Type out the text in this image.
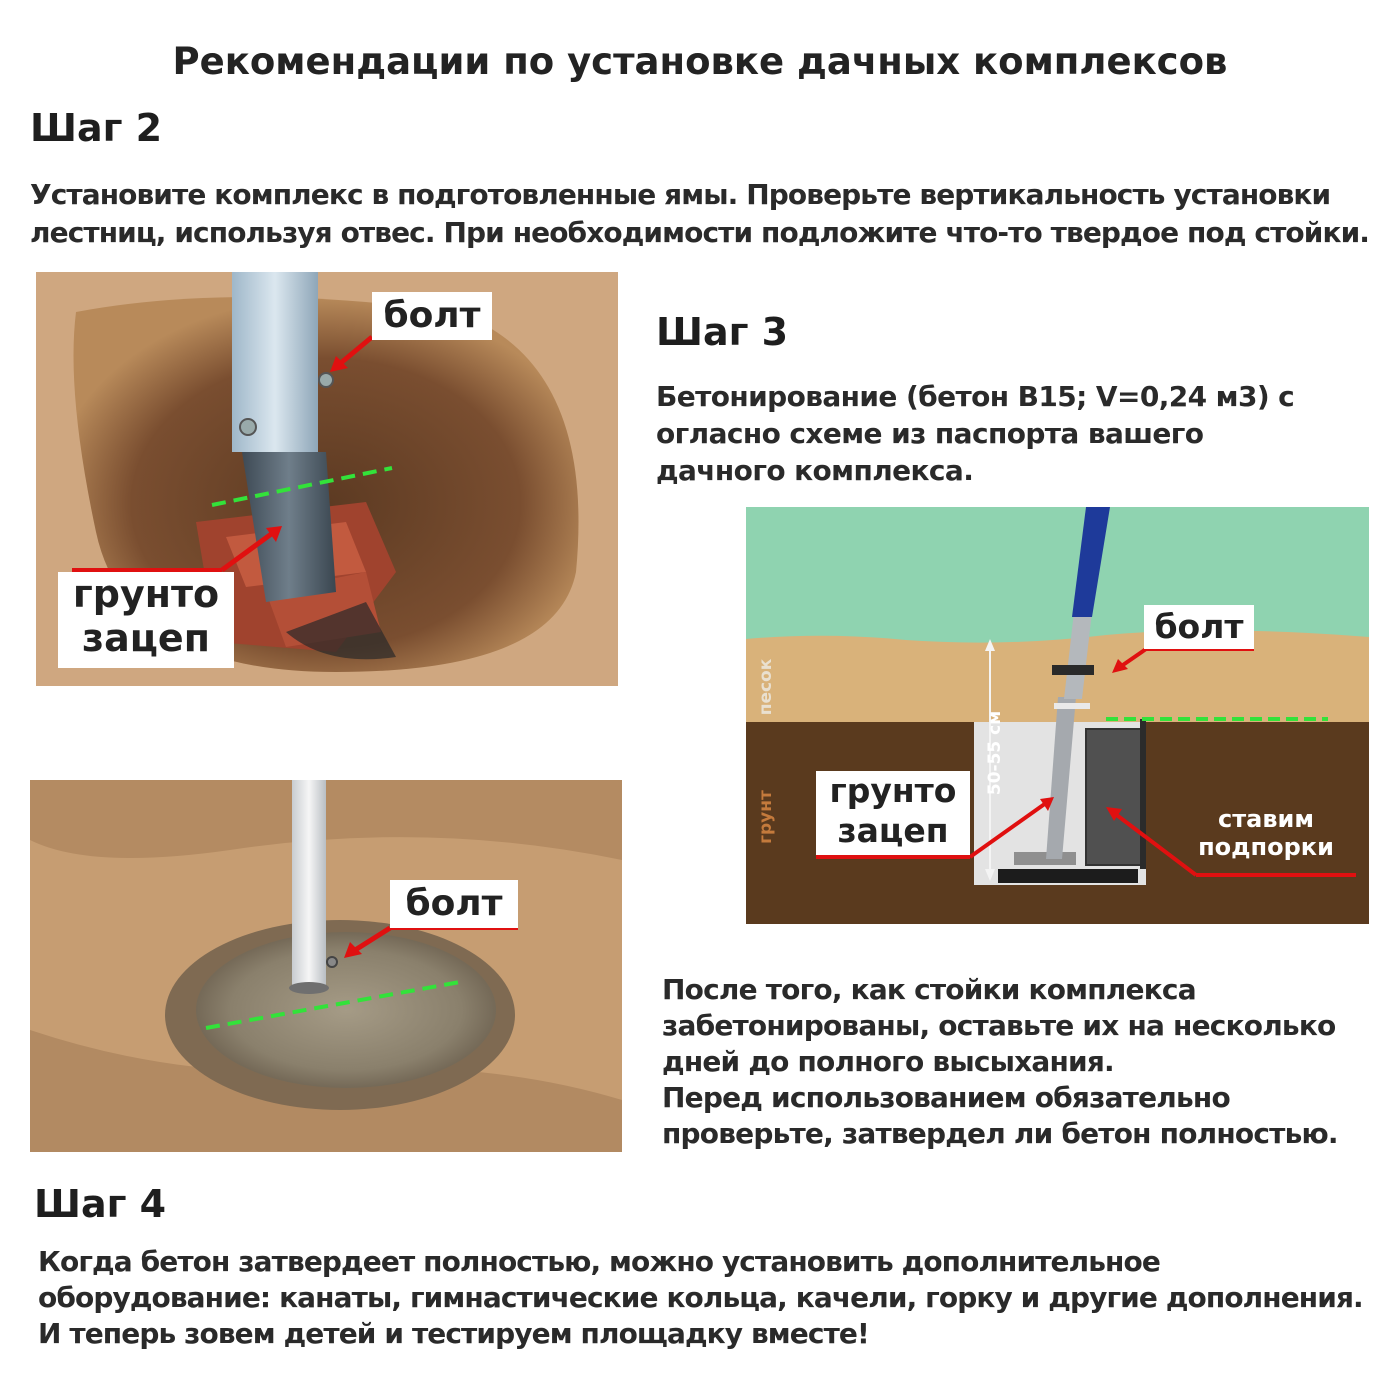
Рекомендации по установке дачных комплексов
Шаг 2
Установите комплекс в подготовленные ямы. Проверьте вертикальность установки
лестниц, используя отвес. При необходимости подложите что-то твердое под стойки.
болт
грунто
зацеп
болт
Шаг 3
Бетонирование (бетон В15; V=0,24 м3) с
огласно схеме из паспорта вашего
дачного комплекса.
песок
грунт
50-55 см
болт
грунто
зацеп	ставим
подпорки
После того, как стойки комплекса
забетонированы, оставьте их на несколько
дней до полного высыхания.
Перед использованием обязательно
проверьте, затвердел ли бетон полностью.
Шаг 4
Когда бетон затвердеет полностью, можно установить дополнительное
оборудование: канаты, гимнастические кольца, качели, горку и другие дополнения.
И теперь зовем детей и тестируем площадку вместе!
